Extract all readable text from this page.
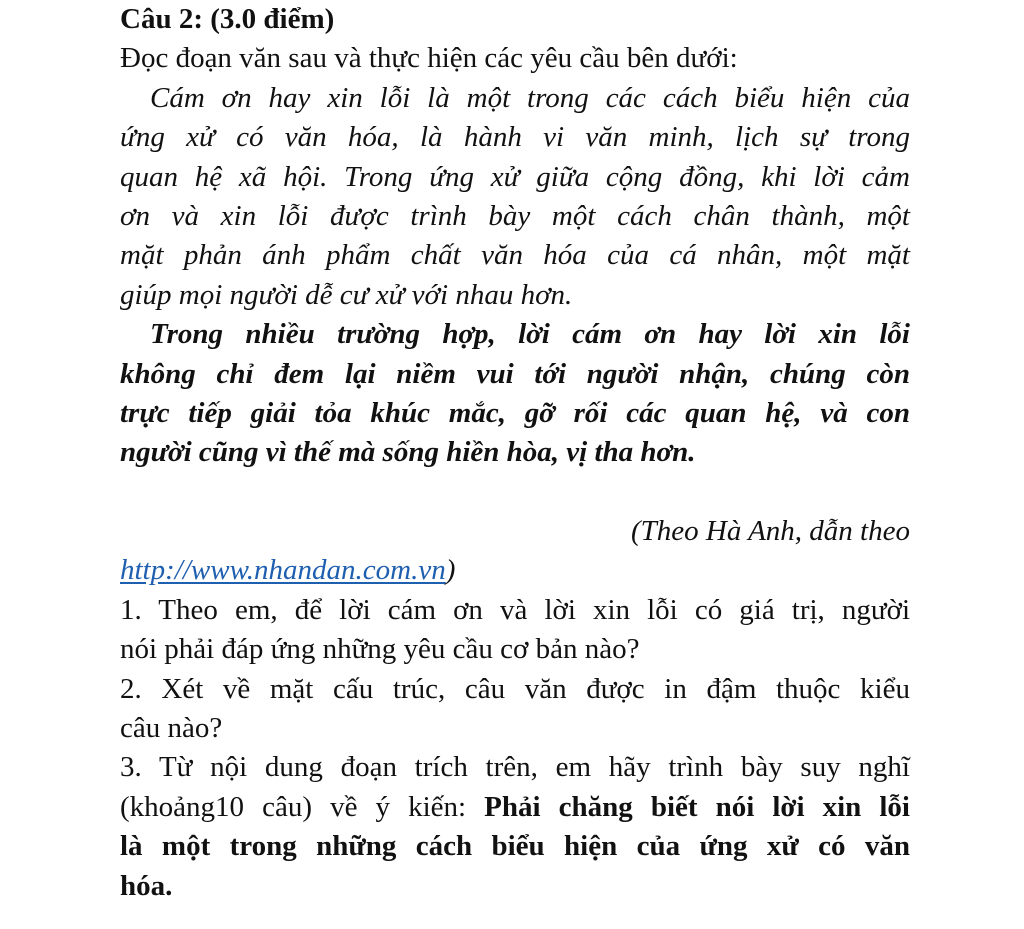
Câu 2: (3.0 điểm)
Đọc đoạn văn sau và thực hiện các yêu cầu bên dưới:
Cám ơn hay xin lỗi là một trong các cách biểu hiện của
ứng xử có văn hóa, là hành vi văn minh, lịch sự trong
quan hệ xã hội. Trong ứng xử giữa cộng đồng, khi lời cảm
ơn và xin lỗi được trình bày một cách chân thành, một
mặt phản ánh phẩm chất văn hóa của cá nhân, một mặt
giúp mọi người dễ cư xử với nhau hơn.
Trong nhiều trường hợp, lời cám ơn hay lời xin lỗi
không chỉ đem lại niềm vui tới người nhận, chúng còn
trực tiếp giải tỏa khúc mắc, gỡ rối các quan hệ, và con
người cũng vì thế mà sống hiền hòa, vị tha hơn.
(Theo Hà Anh, dẫn theo
http://www.nhandan.com.vn)
1. Theo em, để lời cám ơn và lời xin lỗi có giá trị, người
nói phải đáp ứng những yêu cầu cơ bản nào?
2. Xét về mặt cấu trúc, câu văn được in đậm thuộc kiểu
câu nào?
3. Từ nội dung đoạn trích trên, em hãy trình bày suy nghĩ
(khoảng10 câu) về ý kiến: Phải chăng biết nói lời xin lỗi
là một trong những cách biểu hiện của ứng xử có văn
hóa.
